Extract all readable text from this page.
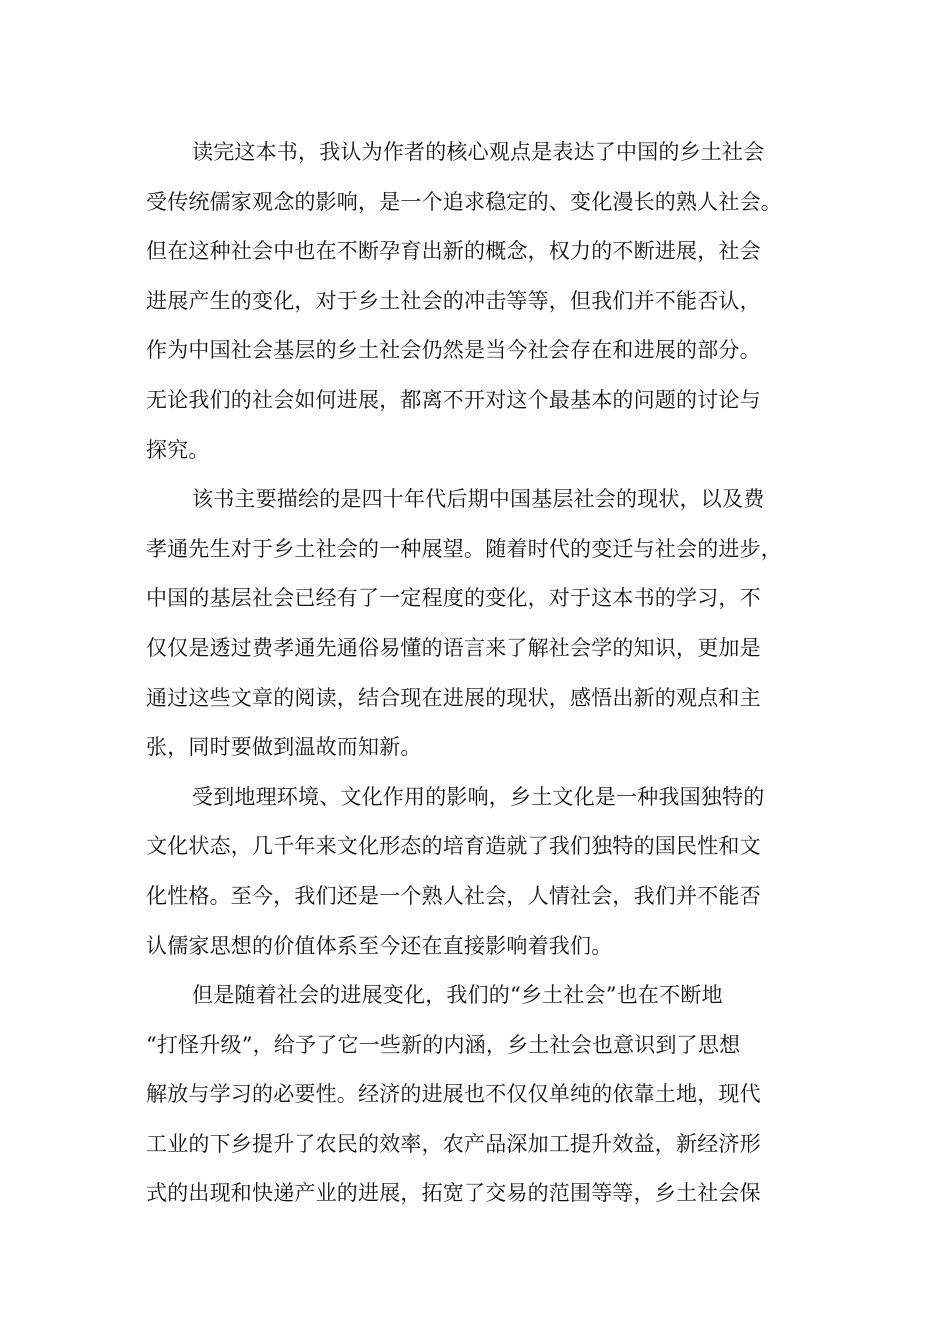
读完这本书，我认为作者的核心观点是表达了中国的乡土社会
受传统儒家观念的影响，是一个追求稳定的、变化漫长的熟人社会。
但在这种社会中也在不断孕育出新的概念，权力的不断进展，社会
进展产生的变化，对于乡土社会的冲击等等，但我们并不能否认，
作为中国社会基层的乡土社会仍然是当今社会存在和进展的部分。
无论我们的社会如何进展，都离不开对这个最基本的问题的讨论与
探究。
该书主要描绘的是四十年代后期中国基层社会的现状，以及费
孝通先生对于乡土社会的一种展望。随着时代的变迁与社会的进步，
中国的基层社会已经有了一定程度的变化，对于这本书的学习，不
仅仅是透过费孝通先通俗易懂的语言来了解社会学的知识，更加是
通过这些文章的阅读，结合现在进展的现状，感悟出新的观点和主
张，同时要做到温故而知新。
受到地理环境、文化作用的影响，乡土文化是一种我国独特的
文化状态，几千年来文化形态的培育造就了我们独特的国民性和文
化性格。至今，我们还是一个熟人社会，人情社会，我们并不能否
认儒家思想的价值体系至今还在直接影响着我们。
但是随着社会的进展变化，我们的“乡土社会”也在不断地
“打怪升级”，给予了它一些新的内涵，乡土社会也意识到了思想
解放与学习的必要性。经济的进展也不仅仅单纯的依靠土地，现代
工业的下乡提升了农民的效率，农产品深加工提升效益，新经济形
式的出现和快递产业的进展，拓宽了交易的范围等等，乡土社会保
